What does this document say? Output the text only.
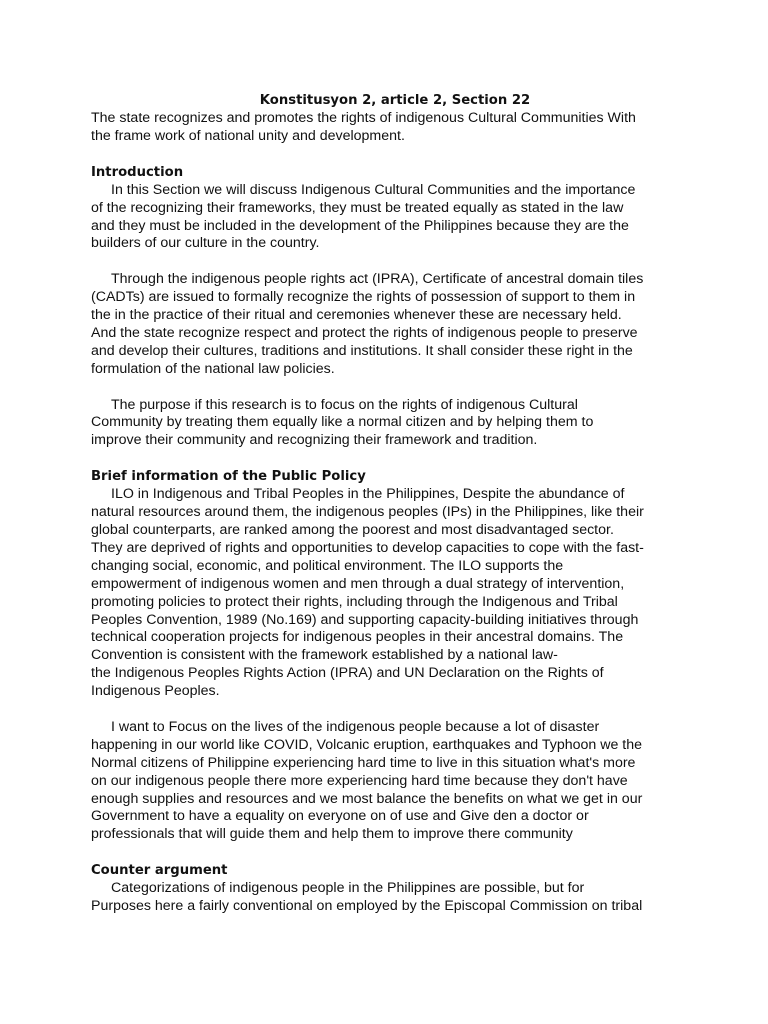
Konstitusyon 2, article 2, Section 22

The state recognizes and promotes the rights of indigenous Cultural Communities With
the frame work of national unity and development.

Introduction

In this Section we will discuss Indigenous Cultural Communities and the importance
of the recognizing their frameworks, they must be treated equally as stated in the law
and they must be included in the development of the Philippines because they are the
builders of our culture in the country.

Through the indigenous people rights act (IPRA), Certificate of ancestral domain tiles
(CADTs) are issued to formally recognize the rights of possession of support to them in
the in the practice of their ritual and ceremonies whenever these are necessary held.
And the state recognize respect and protect the rights of indigenous people to preserve
and develop their cultures, traditions and institutions. It shall consider these right in the
formulation of the national law policies.

The purpose if this research is to focus on the rights of indigenous Cultural
Community by treating them equally like a normal citizen and by helping them to
improve their community and recognizing their framework and tradition.

Brief information of the Public Policy

ILO in Indigenous and Tribal Peoples in the Philippines, Despite the abundance of
natural resources around them, the indigenous peoples (IPs) in the Philippines, like their
global counterparts, are ranked among the poorest and most disadvantaged sector.
They are deprived of rights and opportunities to develop capacities to cope with the fast-
changing social, economic, and political environment. The ILO supports the
empowerment of indigenous women and men through a dual strategy of intervention,
promoting policies to protect their rights, including through the Indigenous and Tribal
Peoples Convention, 1989 (No.169) and supporting capacity-building initiatives through
technical cooperation projects for indigenous peoples in their ancestral domains. The
Convention is consistent with the framework established by a national law-
the Indigenous Peoples Rights Action (IPRA) and UN Declaration on the Rights of
Indigenous Peoples.

I want to Focus on the lives of the indigenous people because a lot of disaster
happening in our world like COVID, Volcanic eruption, earthquakes and Typhoon we the
Normal citizens of Philippine experiencing hard time to live in this situation what's more
on our indigenous people there more experiencing hard time because they don't have
enough supplies and resources and we most balance the benefits on what we get in our
Government to have a equality on everyone on of use and Give den a doctor or
professionals that will guide them and help them to improve there community

Counter argument

Categorizations of indigenous people in the Philippines are possible, but for
Purposes here a fairly conventional on employed by the Episcopal Commission on tribal
